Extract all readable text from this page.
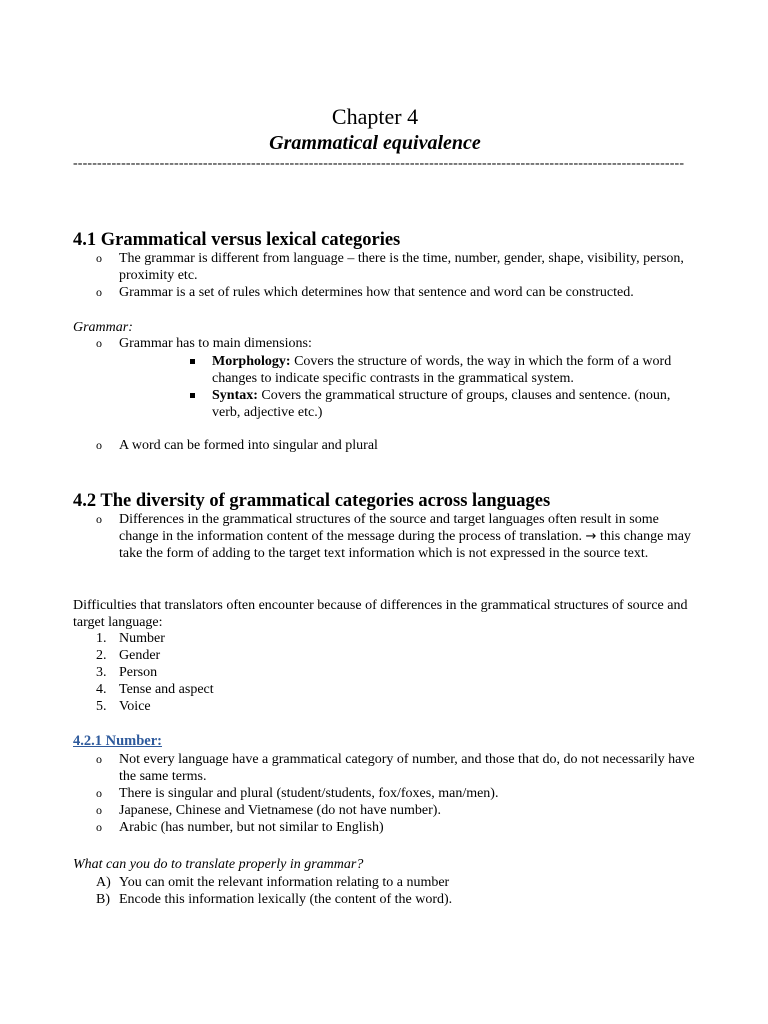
Chapter 4
Grammatical equivalence
-------------------------------------------------------------------------------------------------------------------------------
4.1 Grammatical versus lexical categories
o The grammar is different from language – there is the time, number, gender, shape, visibility, person, proximity etc.
o Grammar is a set of rules which determines how that sentence and word can be constructed.
Grammar:
o Grammar has to main dimensions:
Morphology: Covers the structure of words, the way in which the form of a word changes to indicate specific contrasts in the grammatical system.
Syntax: Covers the grammatical structure of groups, clauses and sentence. (noun, verb, adjective etc.)
o A word can be formed into singular and plural
4.2 The diversity of grammatical categories across languages
o Differences in the grammatical structures of the source and target languages often result in some change in the information content of the message during the process of translation. → this change may take the form of adding to the target text information which is not expressed in the source text.
Difficulties that translators often encounter because of differences in the grammatical structures of source and target language:
1. Number
2. Gender
3. Person
4. Tense and aspect
5. Voice
4.2.1 Number:
o Not every language have a grammatical category of number, and those that do, do not necessarily have the same terms.
o There is singular and plural (student/students, fox/foxes, man/men).
o Japanese, Chinese and Vietnamese (do not have number).
o Arabic (has number, but not similar to English)
What can you do to translate properly in grammar?
A) You can omit the relevant information relating to a number
B) Encode this information lexically (the content of the word).
